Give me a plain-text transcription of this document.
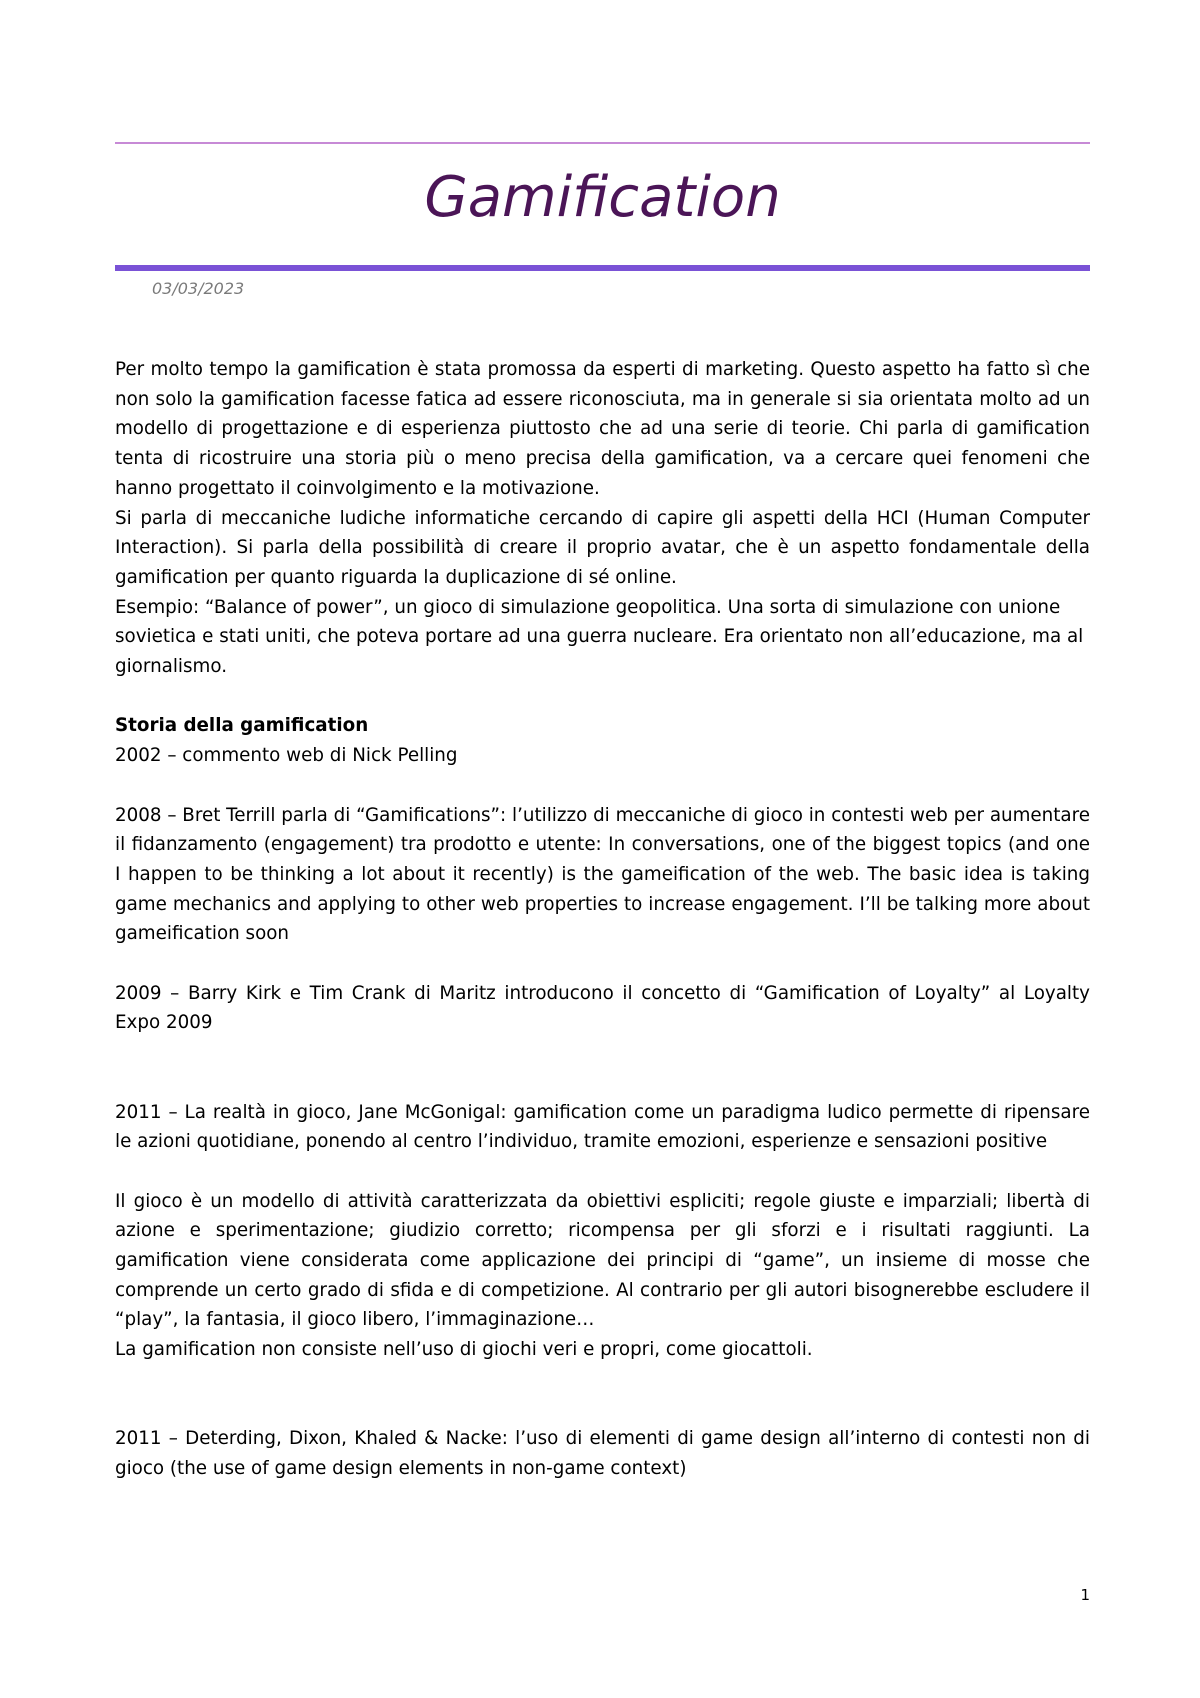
Gamification
03/03/2023

Per molto tempo la gamification è stata promossa da esperti di marketing. Questo aspetto ha fatto sì che non solo la gamification facesse fatica ad essere riconosciuta, ma in generale si sia orientata molto ad un modello di progettazione e di esperienza piuttosto che ad una serie di teorie. Chi parla di gamification tenta di ricostruire una storia più o meno precisa della gamification, va a cercare quei fenomeni che hanno progettato il coinvolgimento e la motivazione.

Si parla di meccaniche ludiche informatiche cercando di capire gli aspetti della HCI (Human Computer Interaction). Si parla della possibilità di creare il proprio avatar, che è un aspetto fondamentale della gamification per quanto riguarda la duplicazione di sé online.

Esempio: “Balance of power”, un gioco di simulazione geopolitica. Una sorta di simulazione con unione sovietica e stati uniti, che poteva portare ad una guerra nucleare. Era orientato non all’educazione, ma al giornalismo.

Storia della gamification

2002 – commento web di Nick Pelling

2008 – Bret Terrill parla di “Gamifications”: l’utilizzo di meccaniche di gioco in contesti web per aumentare il fidanzamento (engagement) tra prodotto e utente: In conversations, one of the biggest topics (and one I happen to be thinking a lot about it recently) is the gameification of the web. The basic idea is taking game mechanics and applying to other web properties to increase engagement. I’ll be talking more about gameification soon

2009 – Barry Kirk e Tim Crank di Maritz introducono il concetto di “Gamification of Loyalty” al Loyalty Expo 2009

2011 – La realtà in gioco, Jane McGonigal: gamification come un paradigma ludico permette di ripensare le azioni quotidiane, ponendo al centro l’individuo, tramite emozioni, esperienze e sensazioni positive

Il gioco è un modello di attività caratterizzata da obiettivi espliciti; regole giuste e imparziali; libertà di azione e sperimentazione; giudizio corretto; ricompensa per gli sforzi e i risultati raggiunti. La gamification viene considerata come applicazione dei principi di “game”, un insieme di mosse che comprende un certo grado di sfida e di competizione. Al contrario per gli autori bisognerebbe escludere il “play”, la fantasia, il gioco libero, l’immaginazione…

La gamification non consiste nell’uso di giochi veri e propri, come giocattoli.

2011 – Deterding, Dixon, Khaled & Nacke: l’uso di elementi di game design all’interno di contesti non di gioco (the use of game design elements in non-game context)

1
